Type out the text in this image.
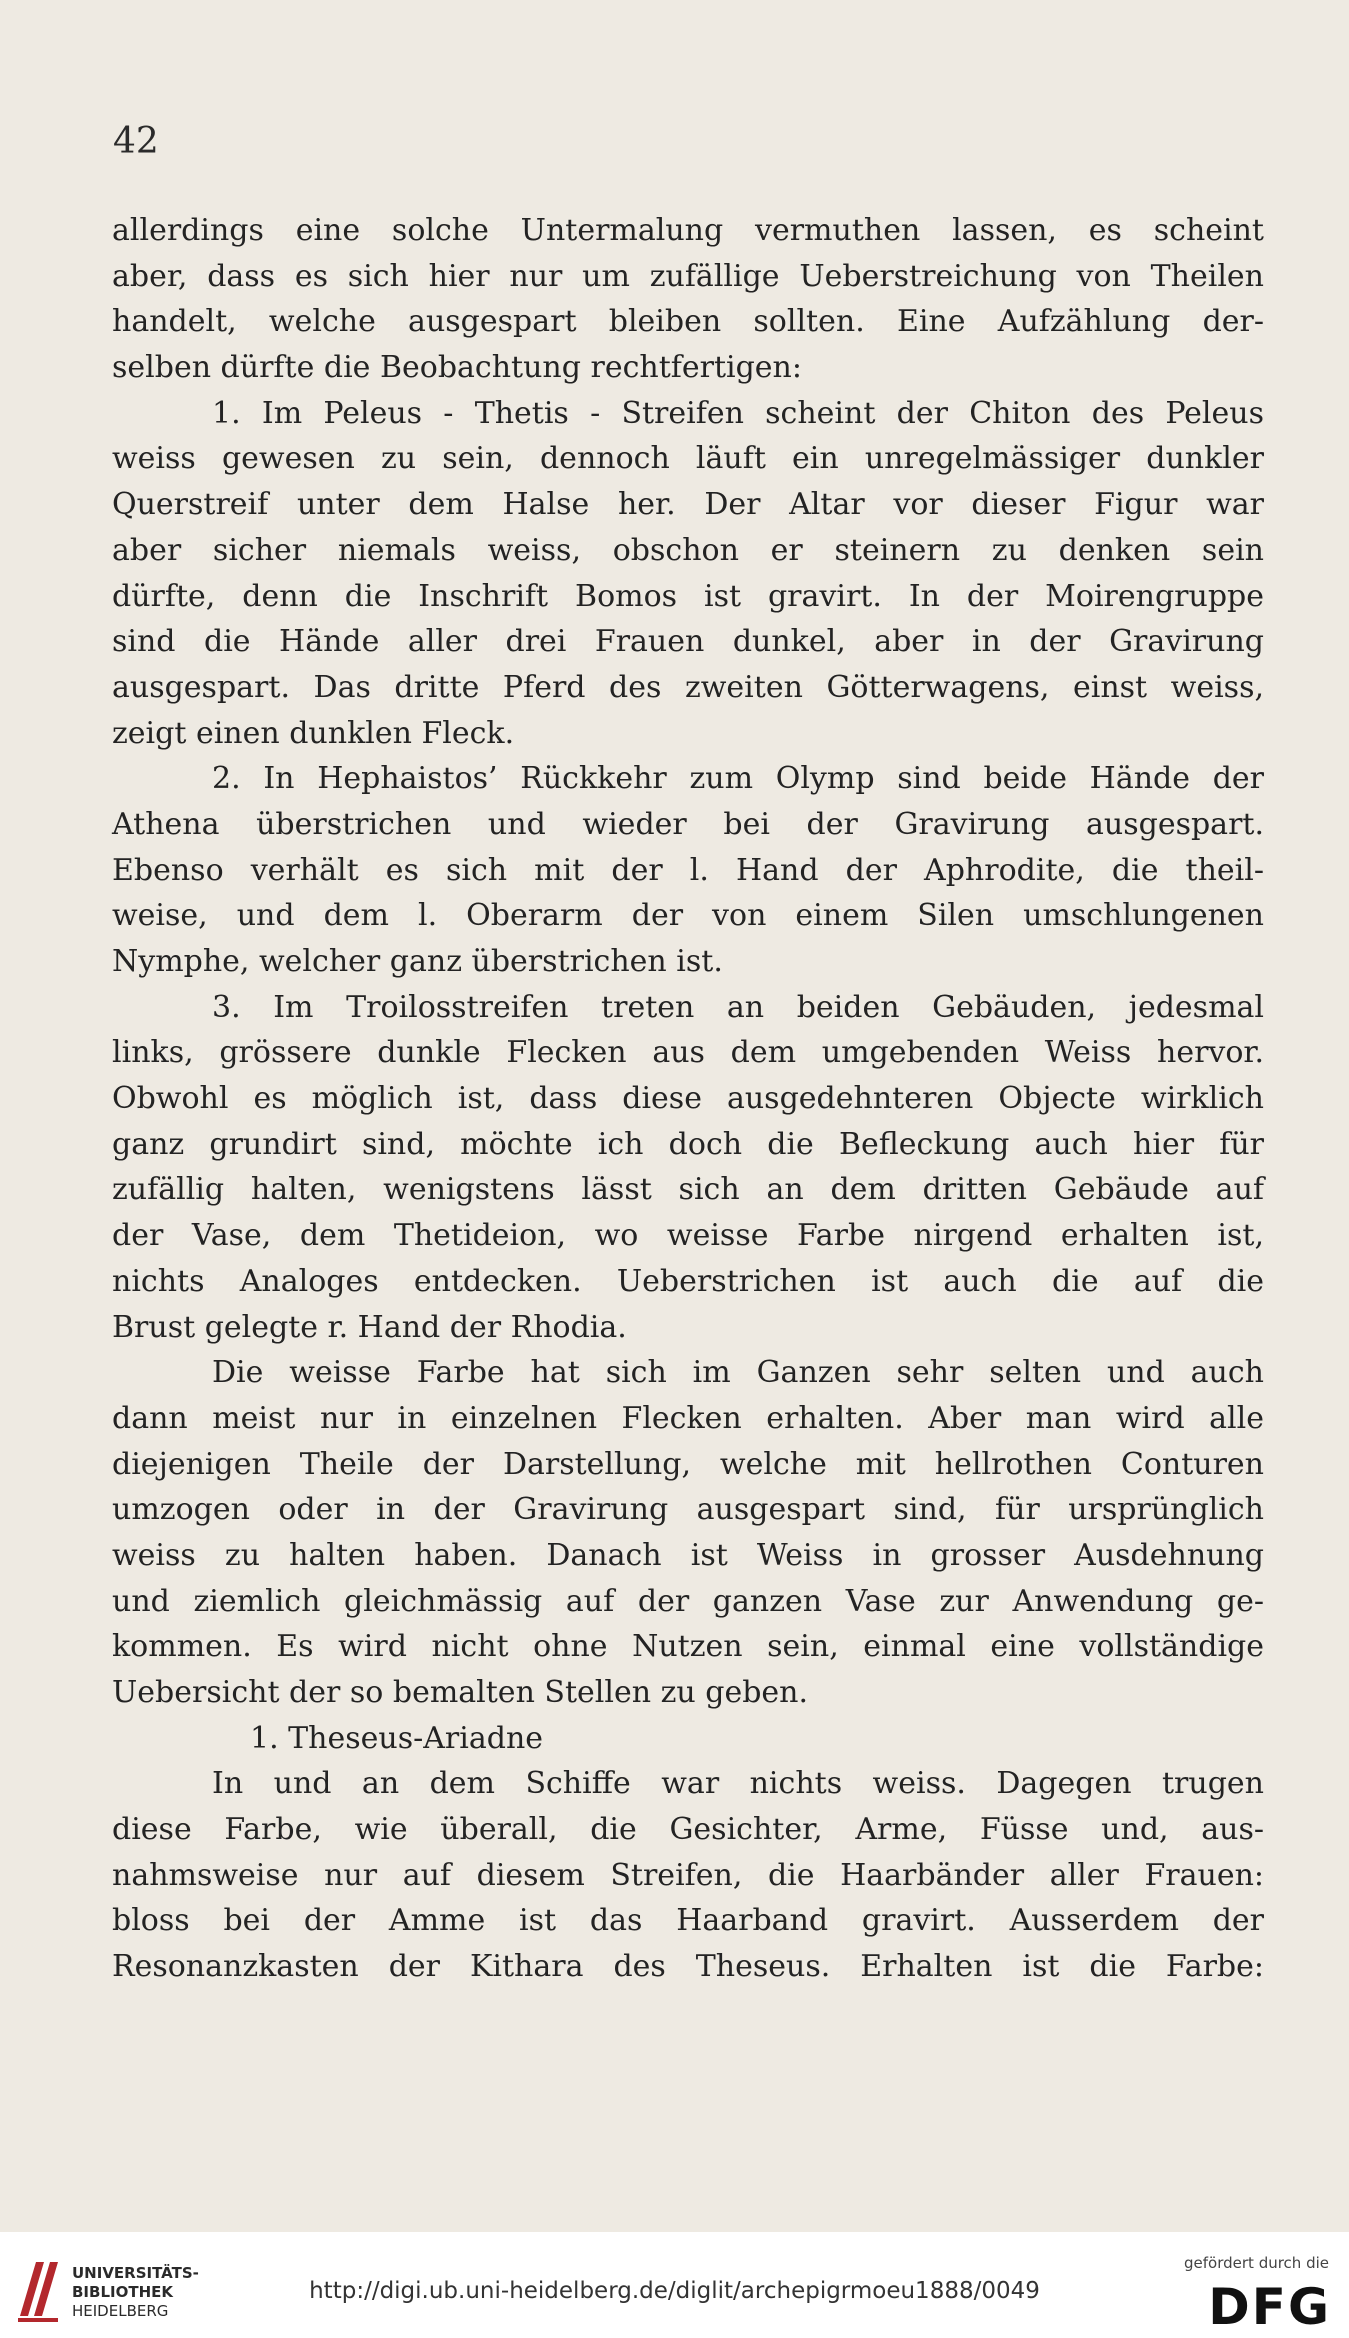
42
allerdings eine solche Untermalung vermuthen lassen, es scheint
aber, dass es sich hier nur um zufällige Ueberstreichung von Theilen
handelt, welche ausgespart bleiben sollten. Eine Aufzählung der-
selben dürfte die Beobachtung rechtfertigen:
1. Im Peleus - Thetis - Streifen scheint der Chiton des Peleus
weiss gewesen zu sein, dennoch läuft ein unregelmässiger dunkler
Querstreif unter dem Halse her. Der Altar vor dieser Figur war
aber sicher niemals weiss, obschon er steinern zu denken sein
dürfte, denn die Inschrift Bomos ist gravirt. In der Moirengruppe
sind die Hände aller drei Frauen dunkel, aber in der Gravirung
ausgespart. Das dritte Pferd des zweiten Götterwagens, einst weiss,
zeigt einen dunklen Fleck.
2. In Hephaistos’ Rückkehr zum Olymp sind beide Hände der
Athena überstrichen und wieder bei der Gravirung ausgespart.
Ebenso verhält es sich mit der l. Hand der Aphrodite, die theil-
weise, und dem l. Oberarm der von einem Silen umschlungenen
Nymphe, welcher ganz überstrichen ist.
3. Im Troilosstreifen treten an beiden Gebäuden, jedesmal
links, grössere dunkle Flecken aus dem umgebenden Weiss hervor.
Obwohl es möglich ist, dass diese ausgedehnteren Objecte wirklich
ganz grundirt sind, möchte ich doch die Befleckung auch hier für
zufällig halten, wenigstens lässt sich an dem dritten Gebäude auf
der Vase, dem Thetideion, wo weisse Farbe nirgend erhalten ist,
nichts Analoges entdecken. Ueberstrichen ist auch die auf die
Brust gelegte r. Hand der Rhodia.
Die weisse Farbe hat sich im Ganzen sehr selten und auch
dann meist nur in einzelnen Flecken erhalten. Aber man wird alle
diejenigen Theile der Darstellung, welche mit hellrothen Conturen
umzogen oder in der Gravirung ausgespart sind, für ursprünglich
weiss zu halten haben. Danach ist Weiss in grosser Ausdehnung
und ziemlich gleichmässig auf der ganzen Vase zur Anwendung ge-
kommen. Es wird nicht ohne Nutzen sein, einmal eine vollständige
Uebersicht der so bemalten Stellen zu geben.
1. Theseus-Ariadne
In und an dem Schiffe war nichts weiss. Dagegen trugen
diese Farbe, wie überall, die Gesichter, Arme, Füsse und, aus-
nahmsweise nur auf diesem Streifen, die Haarbänder aller Frauen:
bloss bei der Amme ist das Haarband gravirt. Ausserdem der
Resonanzkasten der Kithara des Theseus. Erhalten ist die Farbe:
UNIVERSITÄTS-
BIBLIOTHEK
HEIDELBERG
http://digi.ub.uni-heidelberg.de/diglit/archepigrmoeu1888/0049
gefördert durch die
DFG
